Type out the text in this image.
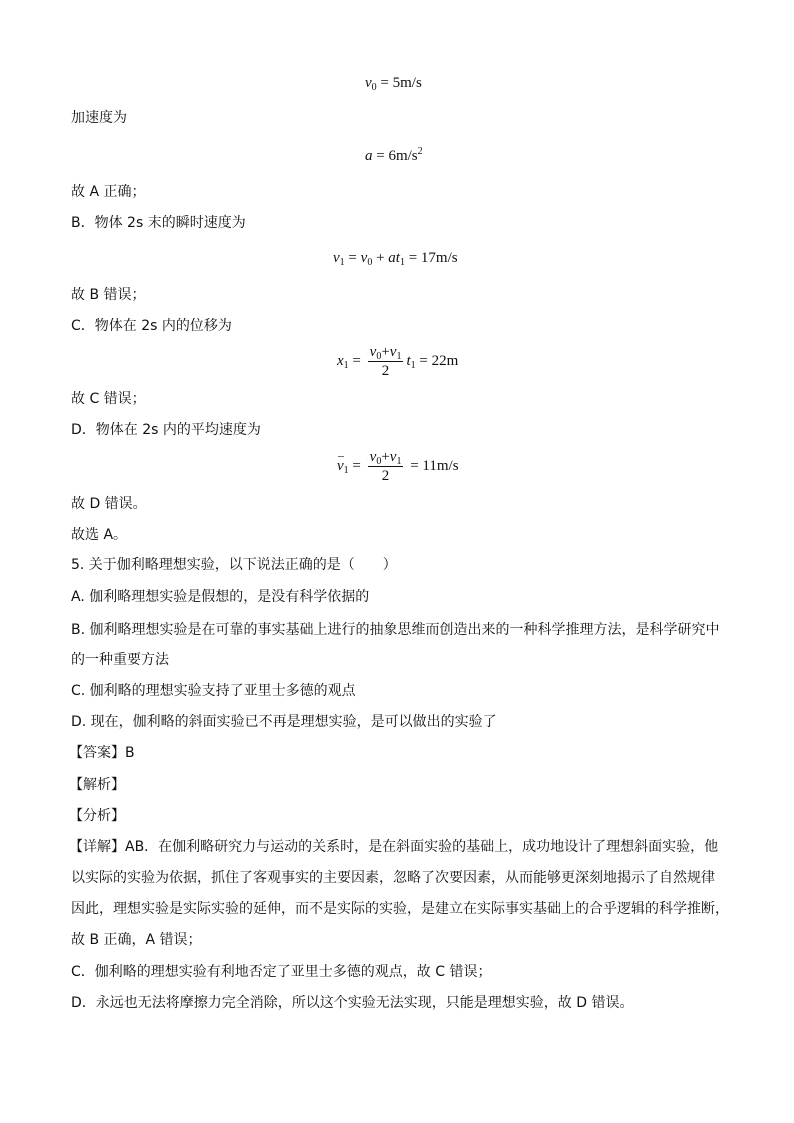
$v_0 = 5m/s$
加速度为
$a = 6m/s^2$
故 A 正确；
B．物体 2s 末的瞬时速度为
$v_1 = v_0 + at_1 = 17m/s$
故 B 错误；
C．物体在 2s 内的位移为
$x_1 = \frac{v_0+v_1}{2} t_1 = 22m$
故 C 错误；
D．物体在 2s 内的平均速度为
– $v_1 = \frac{v_0+v_1}{2} = 11m/s$
故 D 错误。
故选 A。
5. 关于伽利略理想实验，以下说法正确的是（　　）
A. 伽利略理想实验是假想的，是没有科学依据的
B. 伽利略理想实验是在可靠的事实基础上进行的抽象思维而创造出来的一种科学推理方法，是科学研究中
的一种重要方法
C. 伽利略的理想实验支持了亚里士多德的观点
D. 现在，伽利略的斜面实验已不再是理想实验，是可以做出的实验了
【答案】B
【解析】
【分析】
【详解】AB．在伽利略研究力与运动的关系时，是在斜面实验的基础上，成功地设计了理想斜面实验，他
以实际的实验为依据，抓住了客观事实的主要因素，忽略了次要因素，从而能够更深刻地揭示了自然规律
因此，理想实验是实际实验的延伸，而不是实际的实验，是建立在实际事实基础上的合乎逻辑的科学推断，
故 B 正确，A 错误；
C．伽利略的理想实验有利地否定了亚里士多德的观点，故 C 错误；
D．永远也无法将摩擦力完全消除，所以这个实验无法实现，只能是理想实验，故 D 错误。
